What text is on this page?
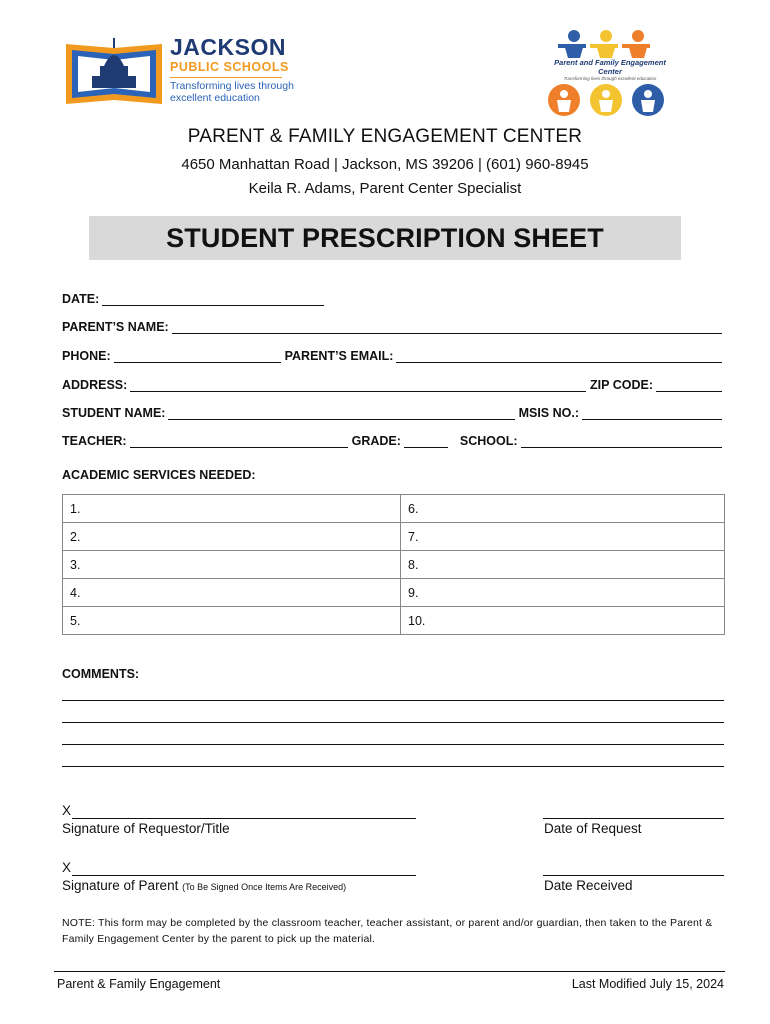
JACKSON
PUBLIC SCHOOLS
Transforming lives through
excellent education
Parent and Family Engagement
Center
Transforming lives through excellent education
PARENT & FAMILY ENGAGEMENT CENTER
4650 Manhattan Road | Jackson, MS 39206 | (601) 960-8945
Keila R. Adams, Parent Center Specialist
STUDENT PRESCRIPTION SHEET
DATE:
PARENT’S NAME:
PHONE:	PARENT’S EMAIL:
ADDRESS:	ZIP CODE:
STUDENT NAME:	MSIS NO.:
TEACHER:	GRADE:	SCHOOL:
ACADEMIC SERVICES NEEDED:
1.	6.
2.	7.
3.	8.
4.	9.
5.	10.
COMMENTS:
X
Signature of Requestor/Title	Date of Request
X
Signature of Parent (To Be Signed Once Items Are Received)	Date Received
NOTE: This form may be completed by the classroom teacher, teacher assistant, or parent and/or guardian, then taken to the Parent & Family Engagement Center by the parent to pick up the material.
Parent & Family Engagement	Last Modified July 15, 2024
